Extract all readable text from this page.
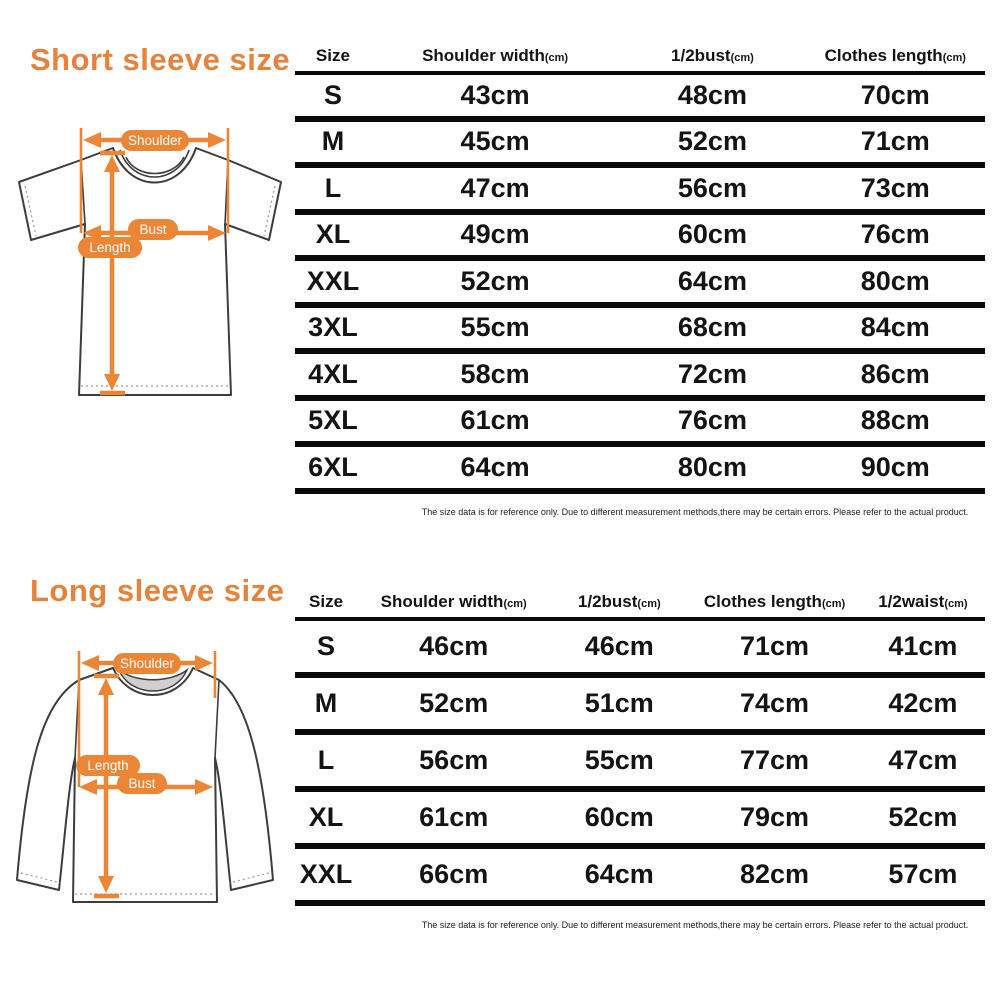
Short sleeve size
Shoulder
Bust
Length
Size	Shoulder width(cm)	1/2bust(cm)	Clothes length(cm)
S	43cm	48cm	70cm
M	45cm	52cm	71cm
L	47cm	56cm	73cm
XL	49cm	60cm	76cm
XXL	52cm	64cm	80cm
3XL	55cm	68cm	84cm
4XL	58cm	72cm	86cm
5XL	61cm	76cm	88cm
6XL	64cm	80cm	90cm
The size data is for reference only. Due to different measurement methods,there may be certain errors. Please refer to the actual product.
Long sleeve size
Shoulder
Length
Bust
Size	Shoulder width(cm)	1/2bust(cm)	Clothes length(cm)	1/2waist(cm)
S	46cm	46cm	71cm	41cm
M	52cm	51cm	74cm	42cm
L	56cm	55cm	77cm	47cm
XL	61cm	60cm	79cm	52cm
XXL	66cm	64cm	82cm	57cm
The size data is for reference only. Due to different measurement methods,there may be certain errors. Please refer to the actual product.
